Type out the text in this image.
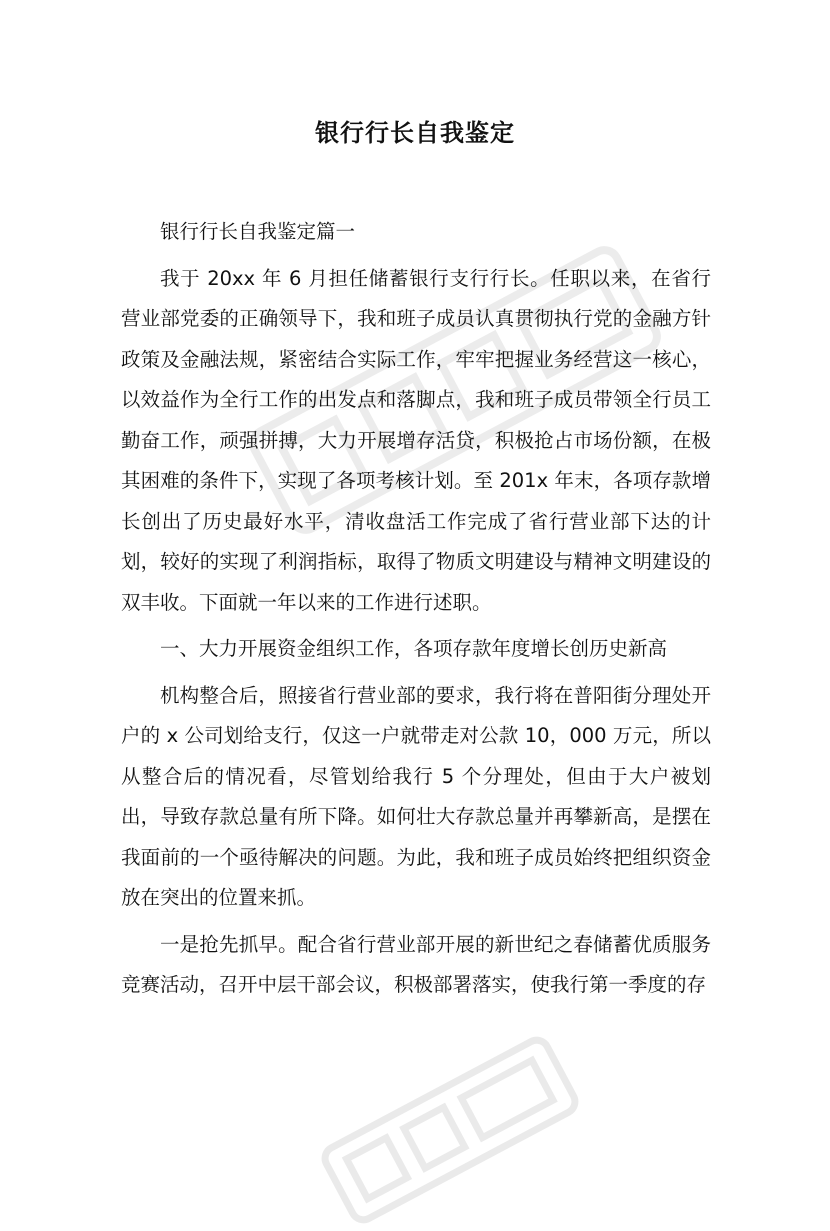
银行行长自我鉴定

银行行长自我鉴定篇一

我于 20xx 年 6 月担任储蓄银行支行行长。任职以来，在省行营业部党委的正确领导下，我和班子成员认真贯彻执行党的金融方针政策及金融法规，紧密结合实际工作，牢牢把握业务经营这一核心，以效益作为全行工作的出发点和落脚点，我和班子成员带领全行员工勤奋工作，顽强拼搏，大力开展增存活贷，积极抢占市场份额，在极其困难的条件下，实现了各项考核计划。至 201x 年末，各项存款增长创出了历史最好水平，清收盘活工作完成了省行营业部下达的计划，较好的实现了利润指标，取得了物质文明建设与精神文明建设的双丰收。下面就一年以来的工作进行述职。

一、大力开展资金组织工作，各项存款年度增长创历史新高

机构整合后，照接省行营业部的要求，我行将在普阳街分理处开户的 x 公司划给支行，仅这一户就带走对公款 10，000 万元，所以从整合后的情况看，尽管划给我行 5 个分理处，但由于大户被划出，导致存款总量有所下降。如何壮大存款总量并再攀新高，是摆在我面前的一个亟待解决的问题。为此，我和班子成员始终把组织资金放在突出的位置来抓。

一是抢先抓早。配合省行营业部开展的新世纪之春储蓄优质服务竞赛活动，召开中层干部会议，积极部署落实，使我行第一季度的存
